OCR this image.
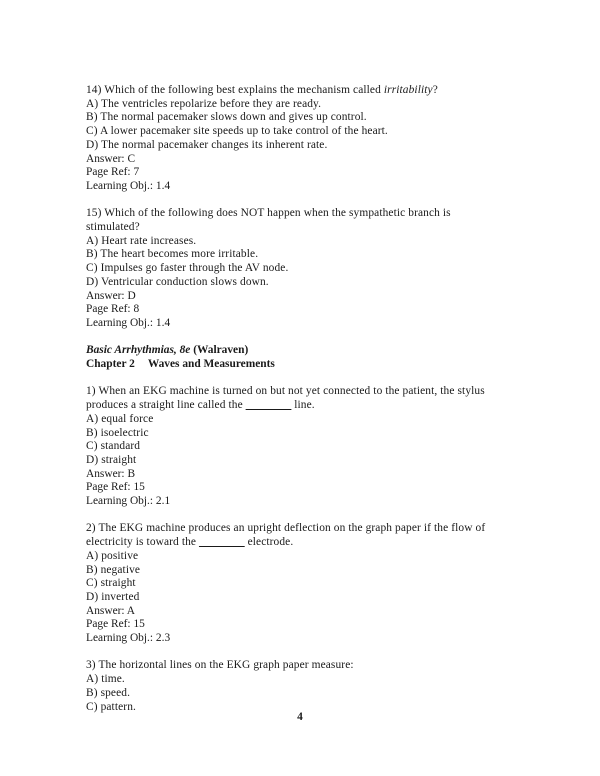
14) Which of the following best explains the mechanism called irritability?
A) The ventricles repolarize before they are ready.
B) The normal pacemaker slows down and gives up control.
C) A lower pacemaker site speeds up to take control of the heart.
D) The normal pacemaker changes its inherent rate.
Answer: C
Page Ref: 7
Learning Obj.: 1.4
15) Which of the following does NOT happen when the sympathetic branch is stimulated?
A) Heart rate increases.
B) The heart becomes more irritable.
C) Impulses go faster through the AV node.
D) Ventricular conduction slows down.
Answer: D
Page Ref: 8
Learning Obj.: 1.4
Basic Arrhythmias, 8e (Walraven)
Chapter 2 Waves and Measurements
1) When an EKG machine is turned on but not yet connected to the patient, the stylus produces a straight line called the ________ line.
A) equal force
B) isoelectric
C) standard
D) straight
Answer: B
Page Ref: 15
Learning Obj.: 2.1
2) The EKG machine produces an upright deflection on the graph paper if the flow of electricity is toward the ________ electrode.
A) positive
B) negative
C) straight
D) inverted
Answer: A
Page Ref: 15
Learning Obj.: 2.3
3) The horizontal lines on the EKG graph paper measure:
A) time.
B) speed.
C) pattern.
4
